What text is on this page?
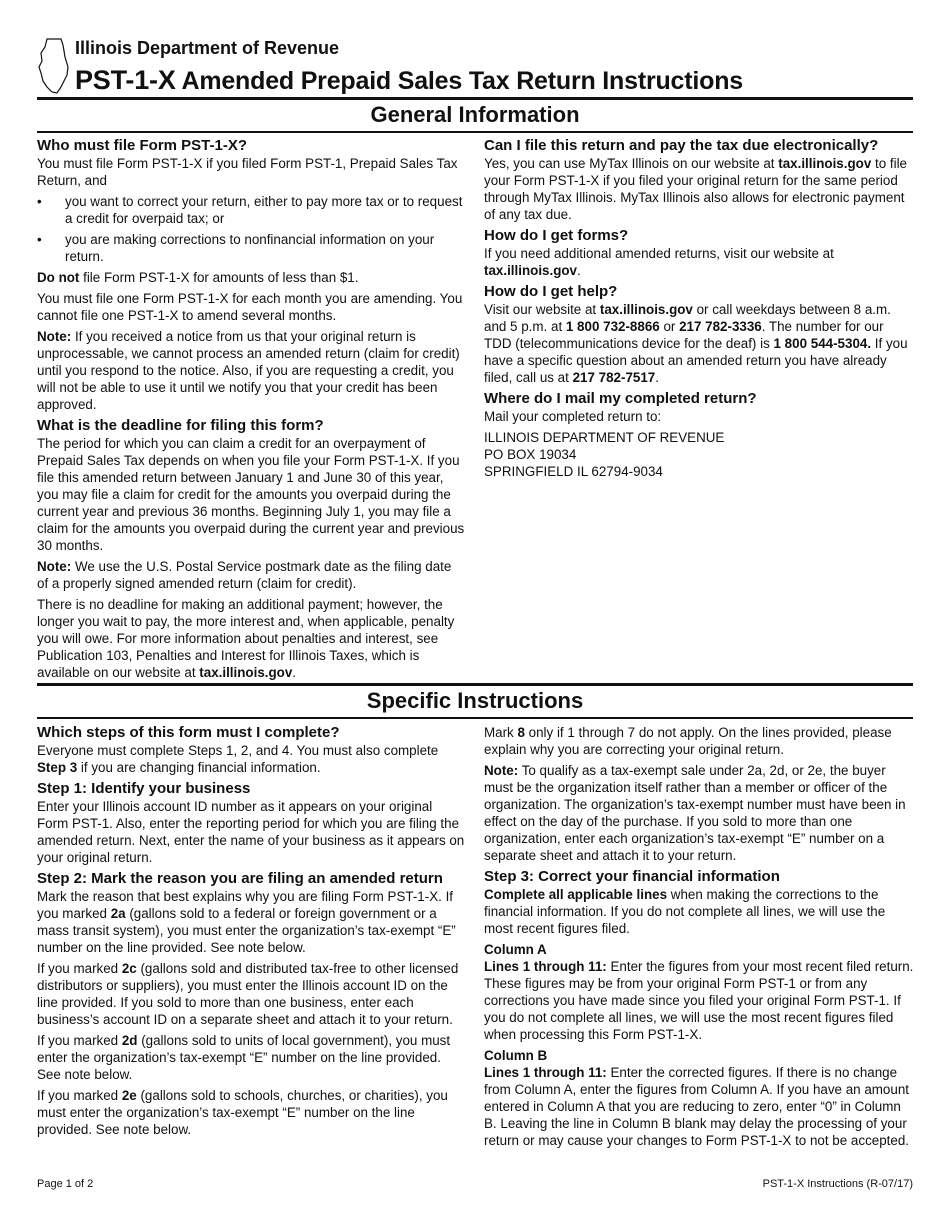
Illinois Department of Revenue
PST-1-X Amended Prepaid Sales Tax Return Instructions
General Information
Who must file Form PST-1-X?

You must file Form PST-1-X if you filed Form PST-1, Prepaid Sales Tax Return, and

• you want to correct your return, either to pay more tax or to request a credit for overpaid tax; or
• you are making corrections to nonfinancial information on your return.

Do not file Form PST-1-X for amounts of less than $1.

You must file one Form PST-1-X for each month you are amending. You cannot file one PST-1-X to amend several months.

Note: If you received a notice from us that your original return is unprocessable, we cannot process an amended return (claim for credit) until you respond to the notice. Also, if you are requesting a credit, you will not be able to use it until we notify you that your credit has been approved.

What is the deadline for filing this form?

The period for which you can claim a credit for an overpayment of Prepaid Sales Tax depends on when you file your Form PST-1-X. If you file this amended return between January 1 and June 30 of this year, you may file a claim for credit for the amounts you overpaid during the current year and previous 36 months. Beginning July 1, you may file a claim for the amounts you overpaid during the current year and previous 30 months.

Note: We use the U.S. Postal Service postmark date as the filing date of a properly signed amended return (claim for credit).

There is no deadline for making an additional payment; however, the longer you wait to pay, the more interest and, when applicable, penalty you will owe. For more information about penalties and interest, see Publication 103, Penalties and Interest for Illinois Taxes, which is available on our website at tax.illinois.gov.

Can I file this return and pay the tax due electronically?

Yes, you can use MyTax Illinois on our website at tax.illinois.gov to file your Form PST-1-X if you filed your original return for the same period through MyTax Illinois. MyTax Illinois also allows for electronic payment of any tax due.

How do I get forms?

If you need additional amended returns, visit our website at tax.illinois.gov.

How do I get help?

Visit our website at tax.illinois.gov or call weekdays between 8 a.m. and 5 p.m. at 1 800 732-8866 or 217 782-3336. The number for our TDD (telecommunications device for the deaf) is 1 800 544-5304. If you have a specific question about an amended return you have already filed, call us at 217 782-7517.

Where do I mail my completed return?

Mail your completed return to:

ILLINOIS DEPARTMENT OF REVENUE

PO BOX 19034

SPRINGFIELD IL 62794-9034

Specific Instructions
Which steps of this form must I complete?

Everyone must complete Steps 1, 2, and 4. You must also complete Step 3 if you are changing financial information.

Step 1: Identify your business

Enter your Illinois account ID number as it appears on your original Form PST-1. Also, enter the reporting period for which you are filing the amended return. Next, enter the name of your business as it appears on your original return.

Step 2: Mark the reason you are filing an amended return

Mark the reason that best explains why you are filing Form PST-1-X. If you marked 2a (gallons sold to a federal or foreign government or a mass transit system), you must enter the organization’s tax-exempt “E” number on the line provided. See note below.

If you marked 2c (gallons sold and distributed tax-free to other licensed distributors or suppliers), you must enter the Illinois account ID on the line provided. If you sold to more than one business, enter each business’s account ID on a separate sheet and attach it to your return.

If you marked 2d (gallons sold to units of local government), you must enter the organization’s tax-exempt “E” number on the line provided. See note below.

If you marked 2e (gallons sold to schools, churches, or charities), you must enter the organization’s tax-exempt “E” number on the line provided. See note below.

Mark 8 only if 1 through 7 do not apply. On the lines provided, please explain why you are correcting your original return.

Note: To qualify as a tax-exempt sale under 2a, 2d, or 2e, the buyer must be the organization itself rather than a member or officer of the organization. The organization’s tax-exempt number must have been in effect on the day of the purchase. If you sold to more than one organization, enter each organization’s tax-exempt “E” number on a separate sheet and attach it to your return.

Step 3: Correct your financial information

Complete all applicable lines when making the corrections to the financial information. If you do not complete all lines, we will use the most recent figures filed.

Column A

Lines 1 through 11: Enter the figures from your most recent filed return. These figures may be from your original Form PST-1 or from any corrections you have made since you filed your original Form PST-1. If you do not complete all lines, we will use the most recent figures filed when processing this Form PST-1-X.

Column B

Lines 1 through 11: Enter the corrected figures. If there is no change from Column A, enter the figures from Column A. If you have an amount entered in Column A that you are reducing to zero, enter “0” in Column B. Leaving the line in Column B blank may delay the processing of your return or may cause your changes to Form PST-1-X to not be accepted.

Page 1 of 2	PST-1-X Instructions (R-07/17)
